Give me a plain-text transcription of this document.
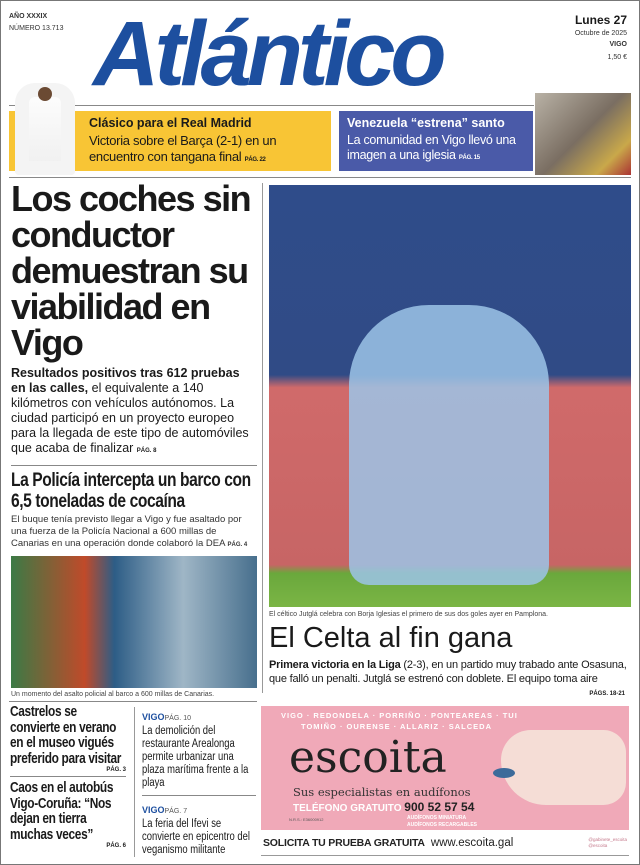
AÑO XXXIX
NÚMERO 13.713 Atlántico	Lunes 27
Octubre de 2025
VIGO
1,50 €
Clásico para el Real Madrid
Victoria sobre el Barça (2-1) en un encuentro con tangana final PÁG. 22
Venezuela “estrena” santo
La comunidad en Vigo llevó una imagen a una iglesia PÁG. 15
Los coches sin conductor demuestran su viabilidad en Vigo
Resultados positivos tras 612 pruebas en las calles, el equivalente a 140 kilómetros con vehículos autónomos. La ciudad participó en un proyecto europeo para la llegada de este tipo de automóviles que acaba de finalizar PÁG. 8
La Policía intercepta un barco con 6,5 toneladas de cocaína
El buque tenía previsto llegar a Vigo y fue asaltado por una fuerza de la Policía Nacional a 600 millas de Canarias en una operación donde colaboró la DEA PÁG. 4
Un momento del asalto policial al barco a 600 millas de Canarias.
El céltico Jutglá celebra con Borja Iglesias el primero de sus dos goles ayer en Pamplona.
El Celta al fin gana
Primera victoria en la Liga (2-3), en un partido muy trabado ante Osasuna, que falló un penalti. Jutglá se estrenó con doblete. El equipo toma aire
PÁGS. 18-21
Castrelos se convierte en verano en el museo vigués preferido para visitar
PÁG. 3
Caos en el autobús Vigo-Coruña: “Nos dejan en tierra muchas veces”
PÁG. 6
VIGOPÁG. 10
La demolición del restaurante Arealonga permite urbanizar una plaza marítima frente a la playa
VIGOPÁG. 7
La feria del Ifevi se convierte en epicentro del veganismo militante
VIGO · REDONDELA · PORRIÑO · PONTEAREAS · TUI
TOMIÑO · OURENSE · ALLARIZ · SALCEDA
escoita
Sus especialistas en audífonos
TELÉFONO GRATUITO 900 52 57 54
N.R.S.: E36000912	AUDÍFONOS MINIATURA
AUDÍFONOS RECARGABLES
SOLICITA TU PRUEBA GRATUITA www.escoita.gal	@gabinete_escoita
@escoita
